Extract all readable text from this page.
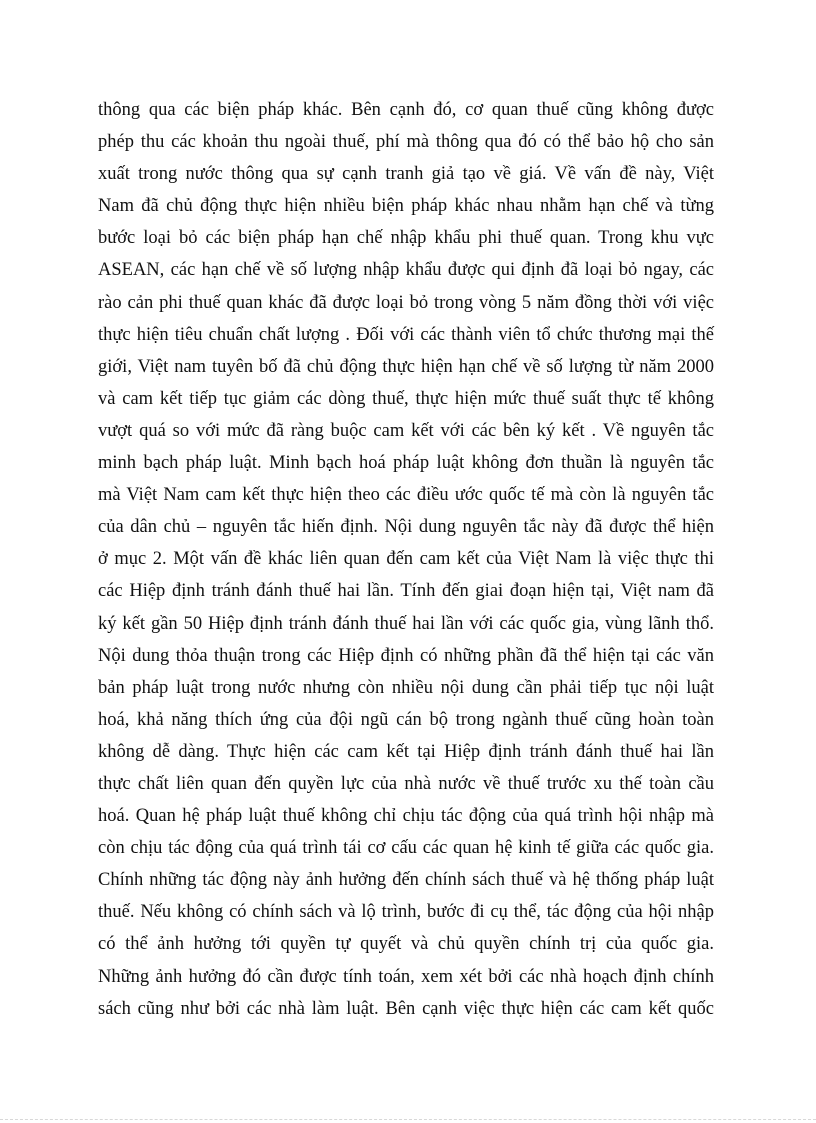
thông qua các biện pháp khác. Bên cạnh đó, cơ quan thuế cũng không được
phép thu các khoản thu ngoài thuế, phí mà thông qua đó có thể bảo hộ cho sản
xuất trong nước thông qua sự cạnh tranh giả tạo về giá. Về vấn đề này, Việt
Nam đã chủ động thực hiện nhiều biện pháp khác nhau nhằm hạn chế và từng
bước loại bỏ các biện pháp hạn chế nhập khẩu phi thuế quan. Trong khu vực
ASEAN, các hạn chế về số lượng nhập khẩu được qui định đã loại bỏ ngay, các
rào cản phi thuế quan khác đã được loại bỏ trong vòng 5 năm đồng thời với việc
thực hiện tiêu chuẩn chất lượng . Đối với các thành viên tổ chức thương mại thế
giới, Việt nam tuyên bố đã chủ động thực hiện hạn chế về số lượng từ năm 2000
và cam kết tiếp tục giảm các dòng thuế, thực hiện mức thuế suất thực tế không
vượt quá so với mức đã ràng buộc cam kết với các bên ký kết . Về nguyên tắc
minh bạch pháp luật. Minh bạch hoá pháp luật không đơn thuần là nguyên tắc
mà Việt Nam cam kết thực hiện theo các điều ước quốc tế mà còn là nguyên tắc
của dân chủ – nguyên tắc hiến định. Nội dung nguyên tắc này đã được thể hiện
ở mục 2. Một vấn đề khác liên quan đến cam kết của Việt Nam là việc thực thi
các Hiệp định tránh đánh thuế hai lần. Tính đến giai đoạn hiện tại, Việt nam đã
ký kết gần 50 Hiệp định tránh đánh thuế hai lần với các quốc gia, vùng lãnh thổ.
Nội dung thỏa thuận trong các Hiệp định có những phần đã thể hiện tại các văn
bản pháp luật trong nước nhưng còn nhiều nội dung cần phải tiếp tục nội luật
hoá, khả năng thích ứng của đội ngũ cán bộ trong ngành thuế cũng hoàn toàn
không dễ dàng. Thực hiện các cam kết tại Hiệp định tránh đánh thuế hai lần
thực chất liên quan đến quyền lực của nhà nước về thuế trước xu thế toàn cầu
hoá. Quan hệ pháp luật thuế không chỉ chịu tác động của quá trình hội nhập mà
còn chịu tác động của quá trình tái cơ cấu các quan hệ kinh tế giữa các quốc gia.
Chính những tác động này ảnh hưởng đến chính sách thuế và hệ thống pháp luật
thuế. Nếu không có chính sách và lộ trình, bước đi cụ thể, tác động của hội nhập
có thể ảnh hưởng tới quyền tự quyết và chủ quyền chính trị của quốc gia.
Những ảnh hưởng đó cần được tính toán, xem xét bởi các nhà hoạch định chính
sách cũng như bởi các nhà làm luật. Bên cạnh việc thực hiện các cam kết quốc
